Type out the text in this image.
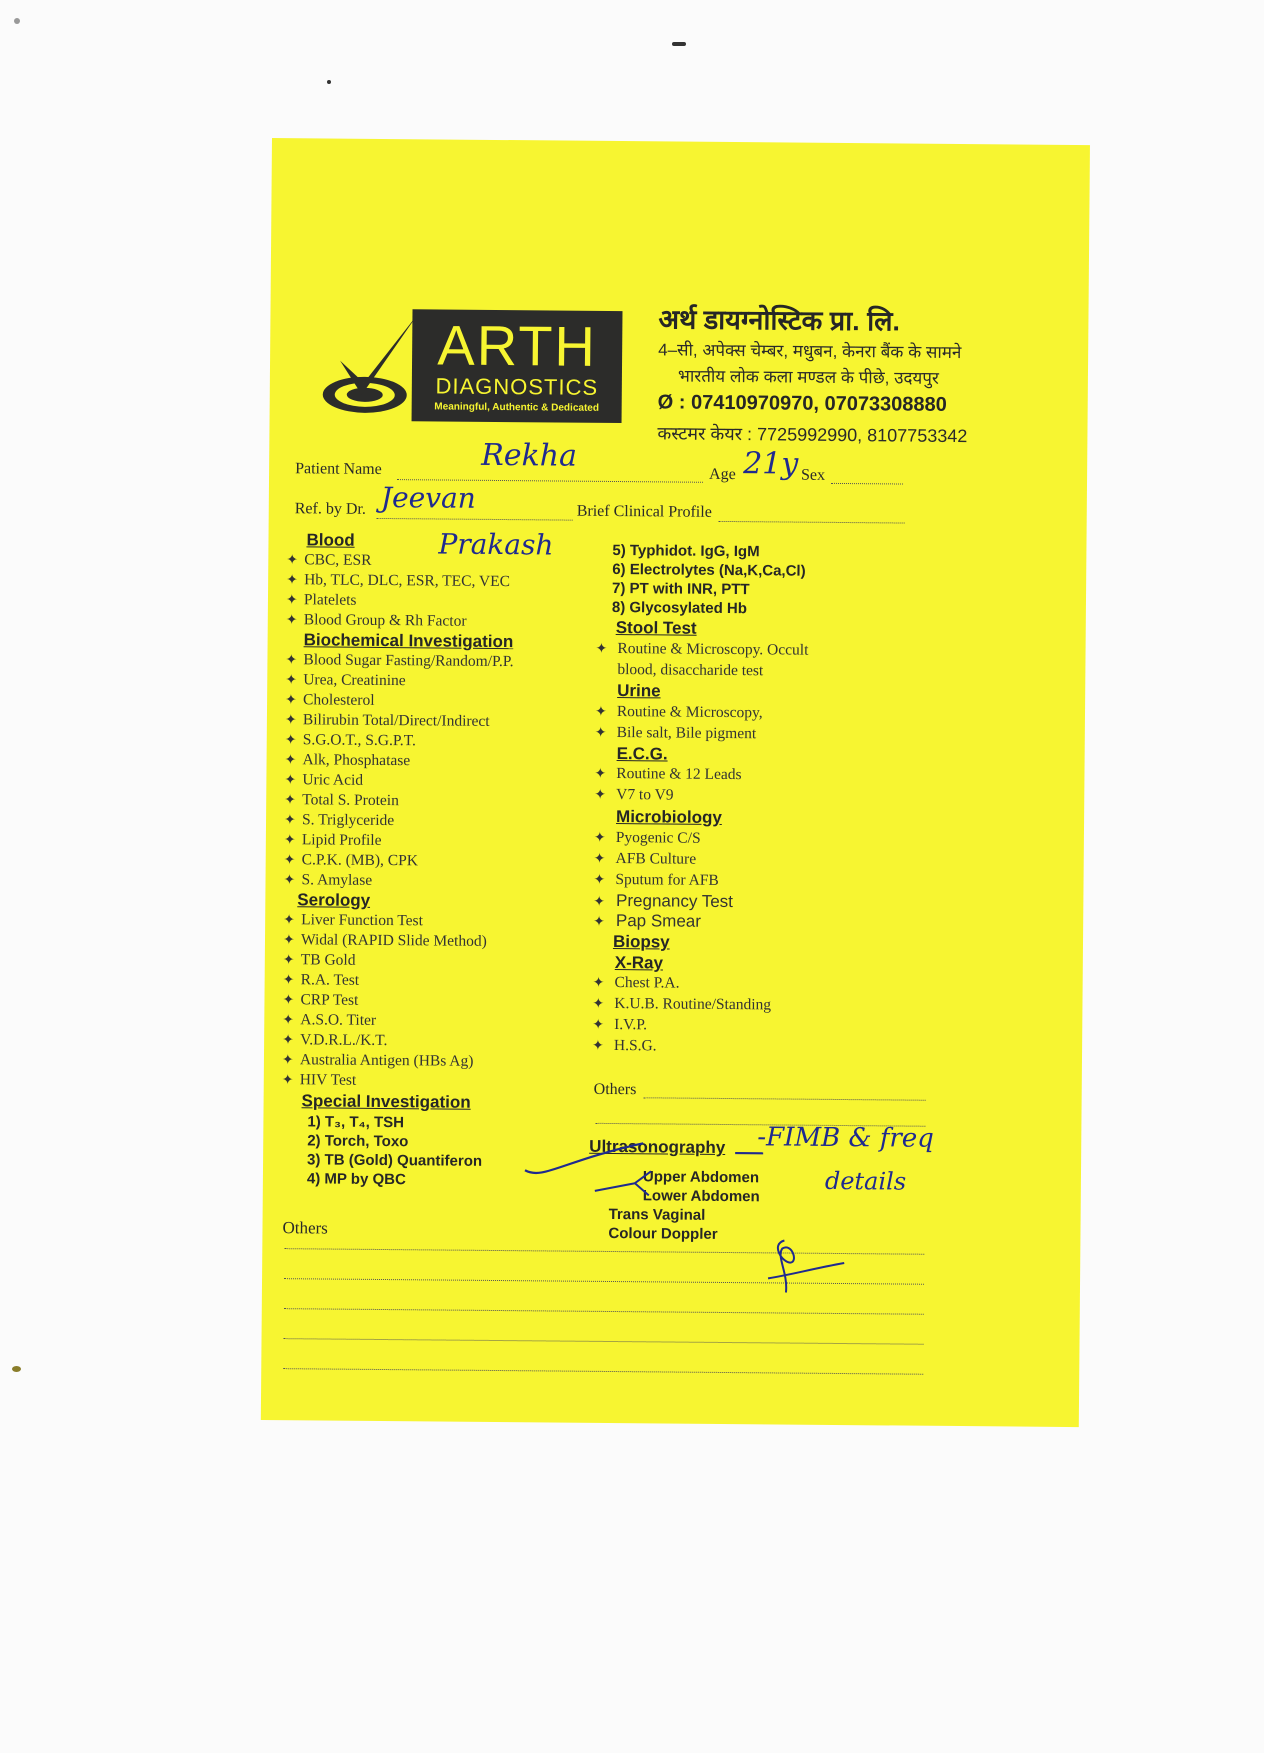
ARTH
DIAGNOSTICS
Meaningful, Authentic & Dedicated
अर्थ डायग्नोस्टिक प्रा. लि.
4–सी, अपेक्स चेम्बर, मधुबन, केनरा बैंक के सामने
भारतीय लोक कला मण्डल के पीछे, उदयपुर
Ø : 07410970970, 07073308880
कस्टमर केयर : 7725992990, 8107753342
Patient Name	Rekha
Age 21y Sex
Ref. by Dr. Jeevan
Prakash
Brief Clinical Profile
Blood
✦ CBC, ESR
✦ Hb, TLC, DLC, ESR, TEC, VEC
✦ Platelets
✦ Blood Group & Rh Factor
Biochemical Investigation
✦ Blood Sugar Fasting/Random/P.P.
✦ Urea, Creatinine
✦ Cholesterol
✦ Bilirubin Total/Direct/Indirect
✦ S.G.O.T., S.G.P.T.
✦ Alk, Phosphatase
✦ Uric Acid
✦ Total S. Protein
✦ S. Triglyceride
✦ Lipid Profile
✦ C.P.K. (MB), CPK
✦ S. Amylase
Serology
✦ Liver Function Test
✦ Widal (RAPID Slide Method)
✦ TB Gold
✦ R.A. Test
✦ CRP Test
✦ A.S.O. Titer
✦ V.D.R.L./K.T.
✦ Australia Antigen (HBs Ag)
✦ HIV Test
Special Investigation
1) T₃, T₄, TSH
2) Torch, Toxo
3) TB (Gold) Quantiferon
4) MP by QBC
Others
5) Typhidot. IgG, IgM
6) Electrolytes (Na,K,Ca,Cl)
7) PT with INR, PTT
8) Glycosylated Hb
Stool Test
✦ Routine & Microscopy. Occult
blood, disaccharide test
Urine
✦ Routine & Microscopy,
✦ Bile salt, Bile pigment
E.C.G.
✦ Routine & 12 Leads
✦ V7 to V9
Microbiology
✦ Pyogenic C/S
✦ AFB Culture
✦ Sputum for AFB
✦ Pregnancy Test
✦ Pap Smear
Biopsy
X-Ray
✦ Chest P.A.
✦ K.U.B. Routine/Standing
✦ I.V.P.
✦ H.S.G.
Others
Ultrasonography
Upper Abdomen
Lower Abdomen
Trans Vaginal
Colour Doppler
-FIMB & freq
details
